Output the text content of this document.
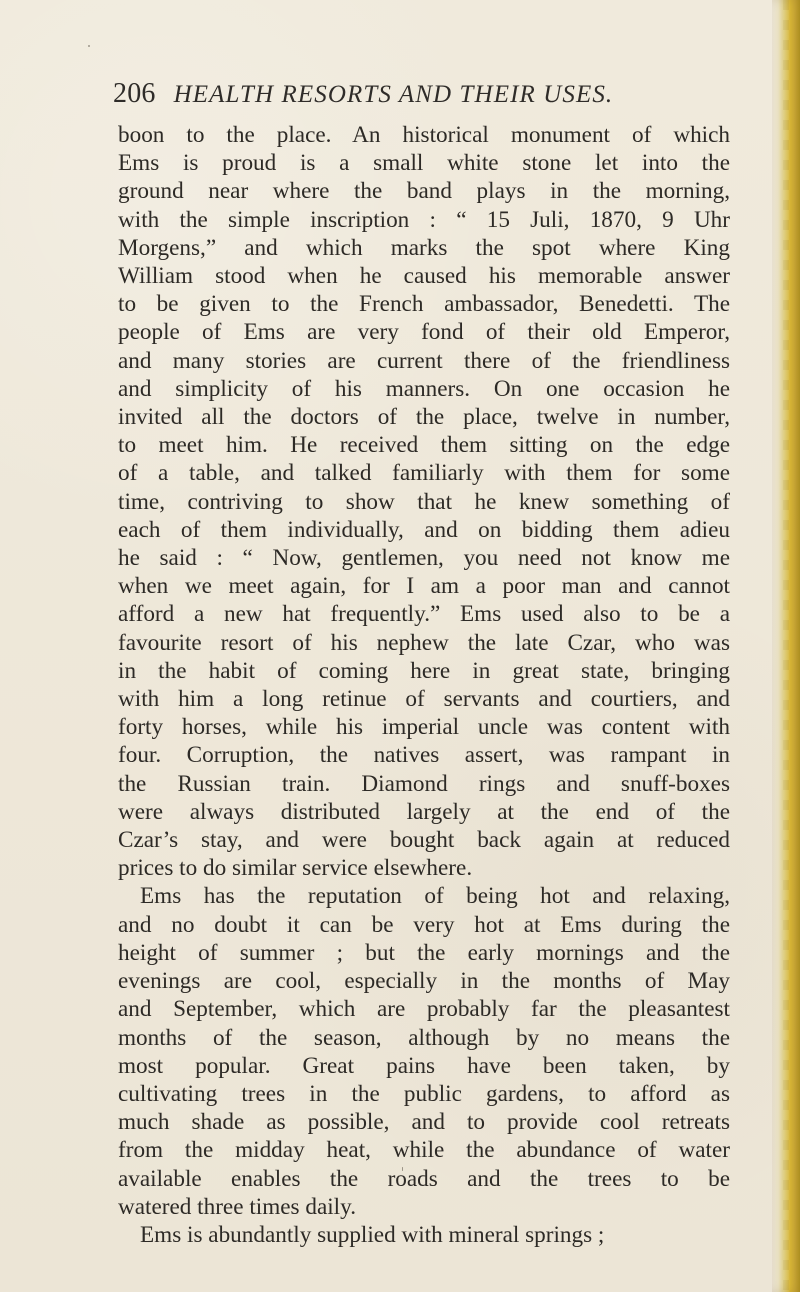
206 HEALTH RESORTS AND THEIR USES.
boon to the place. An historical monument of which
Ems is proud is a small white stone let into the
ground near where the band plays in the morning,
with the simple inscription : “ 15 Juli, 1870, 9 Uhr
Morgens,” and which marks the spot where King
William stood when he caused his memorable answer
to be given to the French ambassador, Benedetti. The
people of Ems are very fond of their old Emperor,
and many stories are current there of the friendliness
and simplicity of his manners. On one occasion he
invited all the doctors of the place, twelve in number,
to meet him. He received them sitting on the edge
of a table, and talked familiarly with them for some
time, contriving to show that he knew something of
each of them individually, and on bidding them adieu
he said : “ Now, gentlemen, you need not know me
when we meet again, for I am a poor man and cannot
afford a new hat frequently.” Ems used also to be a
favourite resort of his nephew the late Czar, who was
in the habit of coming here in great state, bringing
with him a long retinue of servants and courtiers, and
forty horses, while his imperial uncle was content with
four. Corruption, the natives assert, was rampant in
the Russian train. Diamond rings and snuff-boxes
were always distributed largely at the end of the
Czar’s stay, and were bought back again at reduced
prices to do similar service elsewhere.
Ems has the reputation of being hot and relaxing,
and no doubt it can be very hot at Ems during the
height of summer ; but the early mornings and the
evenings are cool, especially in the months of May
and September, which are probably far the pleasantest
months of the season, although by no means the
most popular. Great pains have been taken, by
cultivating trees in the public gardens, to afford as
much shade as possible, and to provide cool retreats
from the midday heat, while the abundance of water
available enables the roads and the trees to be
watered three times daily.
Ems is abundantly supplied with mineral springs ;
